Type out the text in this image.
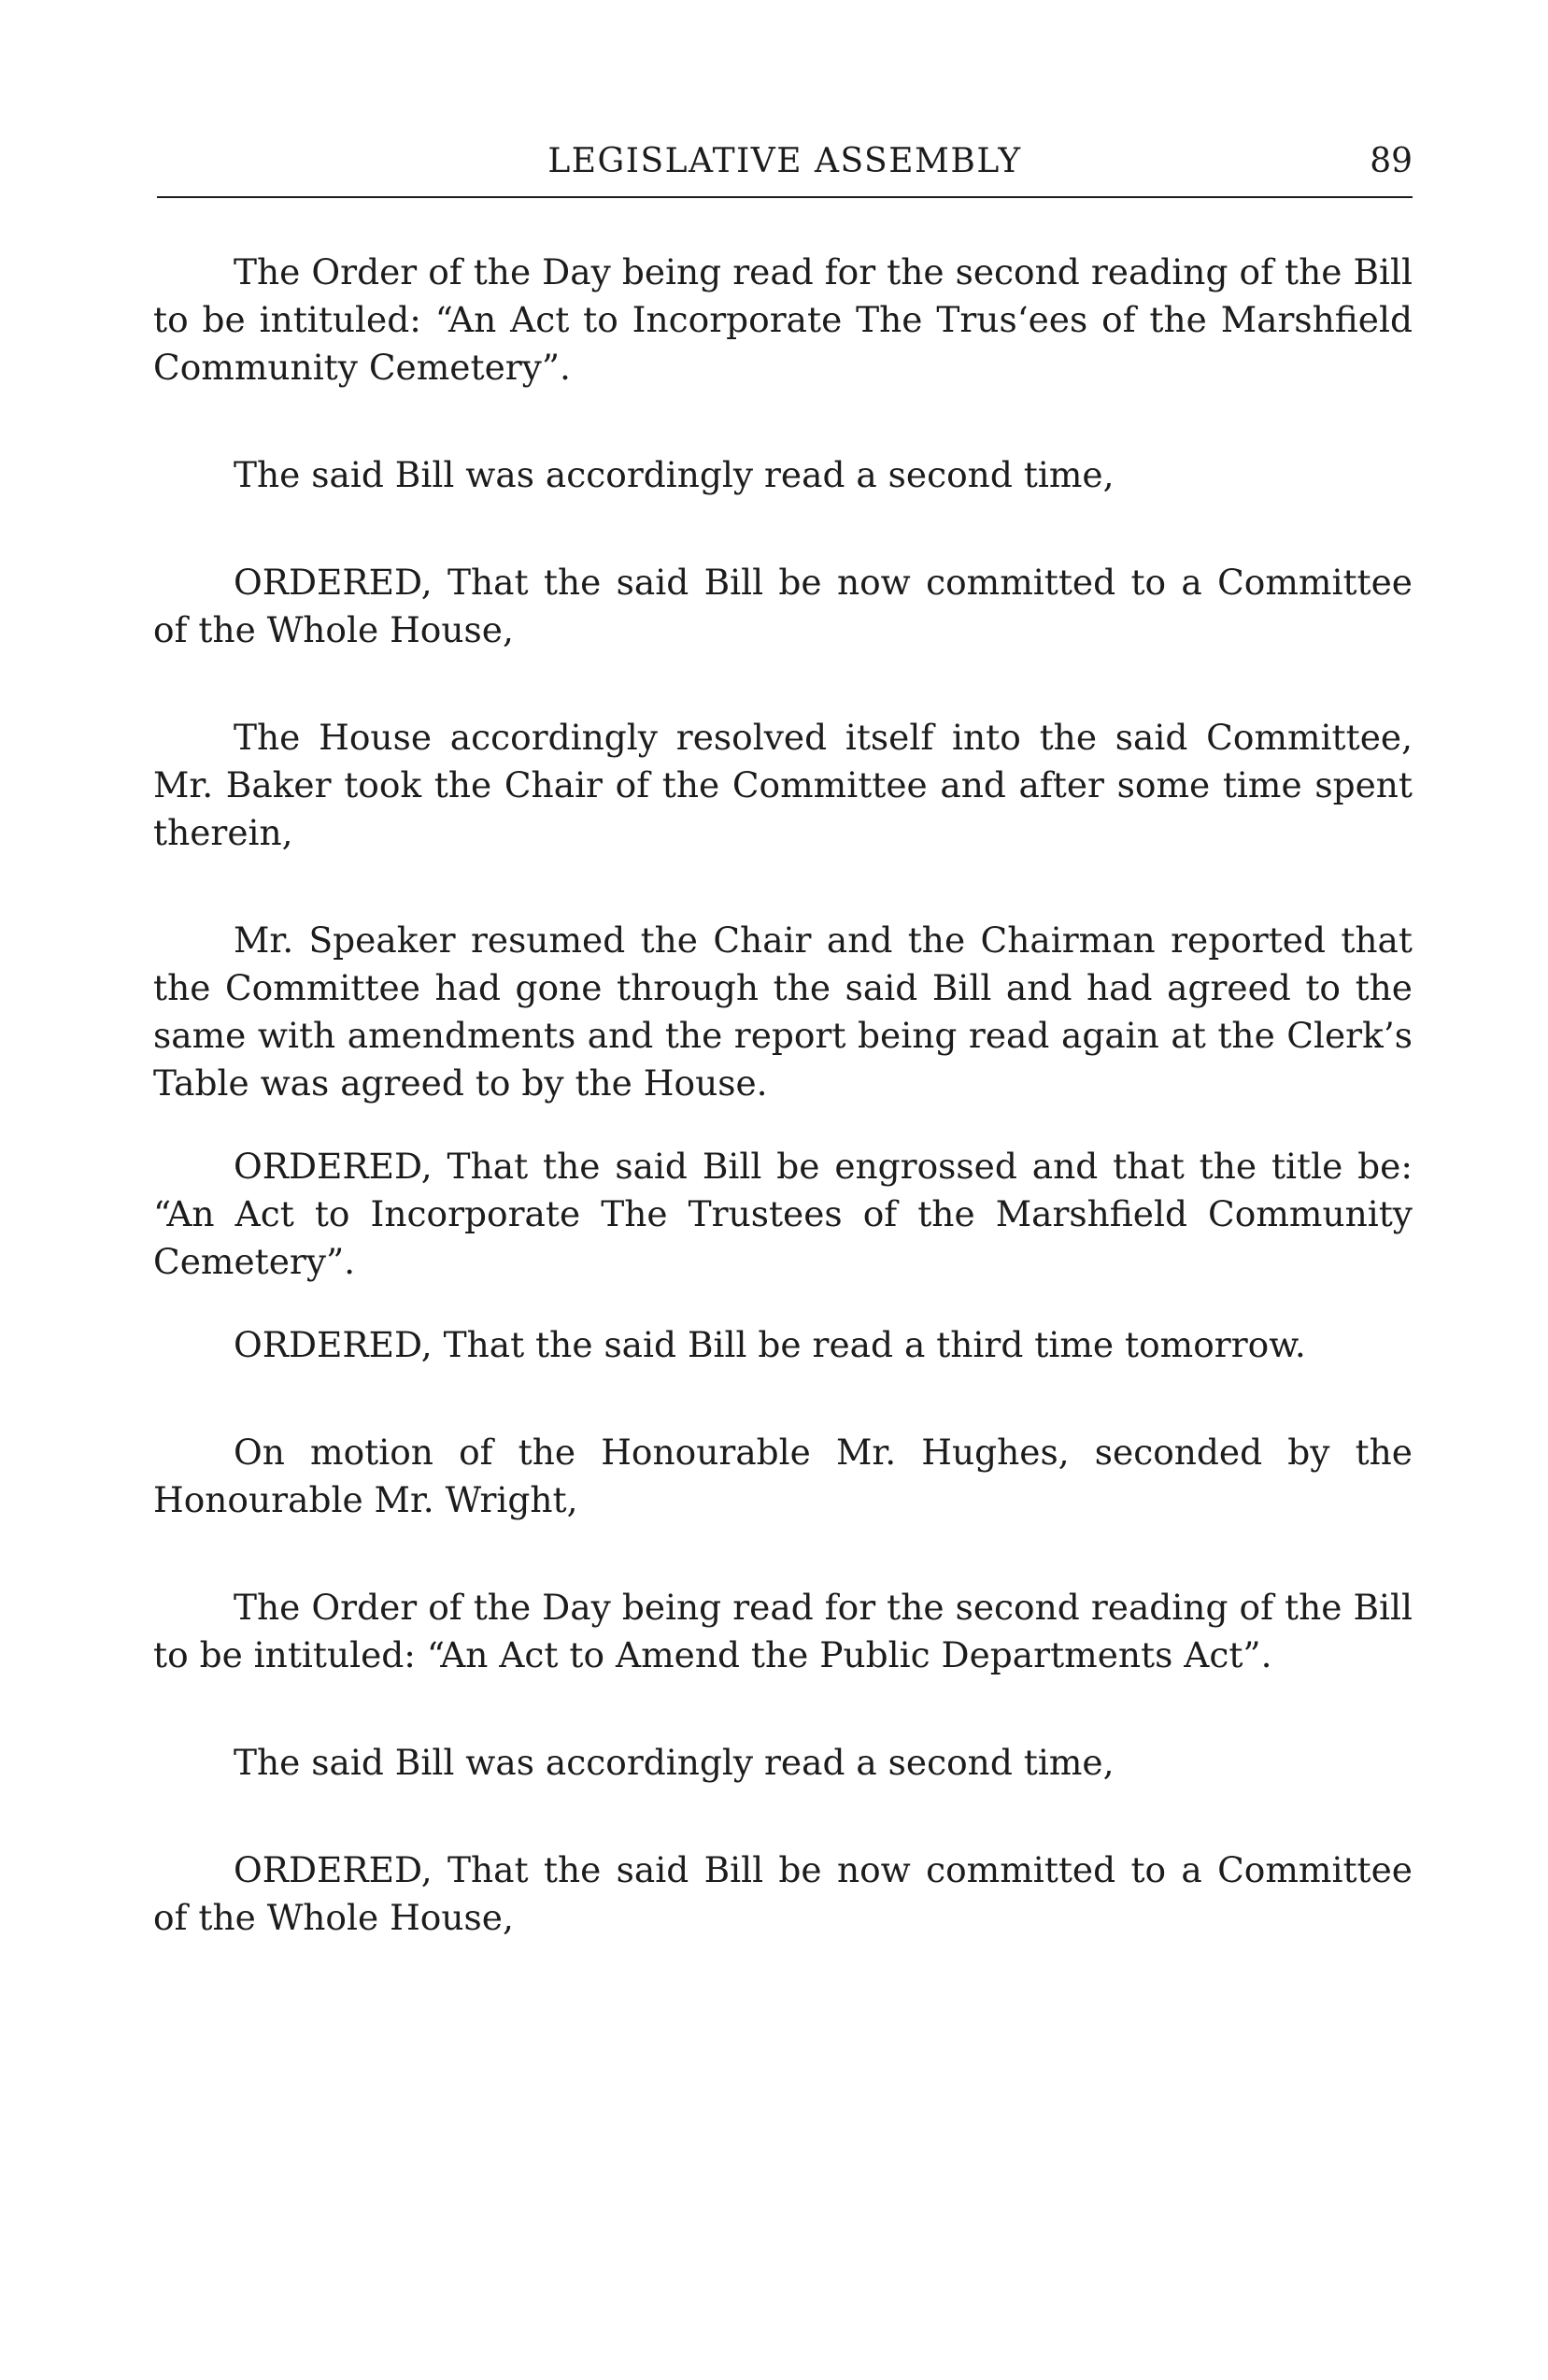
LEGISLATIVE ASSEMBLY	89

The Order of the Day being read for the second reading of the Bill to be intituled: “An Act to Incorporate The Trus‘ees of the Marshfield Community Cemetery”.

The said Bill was accordingly read a second time,

ORDERED, That the said Bill be now committed to a Committee of the Whole House,

The House accordingly resolved itself into the said Committee, Mr. Baker took the Chair of the Committee and after some time spent therein,

Mr. Speaker resumed the Chair and the Chairman reported that the Committee had gone through the said Bill and had agreed to the same with amendments and the report being read again at the Clerk’s Table was agreed to by the House.

ORDERED, That the said Bill be engrossed and that the title be: “An Act to Incorporate The Trustees of the Marshfield Community Cemetery”.

ORDERED, That the said Bill be read a third time tomorrow.

On motion of the Honourable Mr. Hughes, seconded by the Honourable Mr. Wright,

The Order of the Day being read for the second reading of the Bill to be intituled: “An Act to Amend the Public Departments Act”.

The said Bill was accordingly read a second time,

ORDERED, That the said Bill be now committed to a Committee of the Whole House,
